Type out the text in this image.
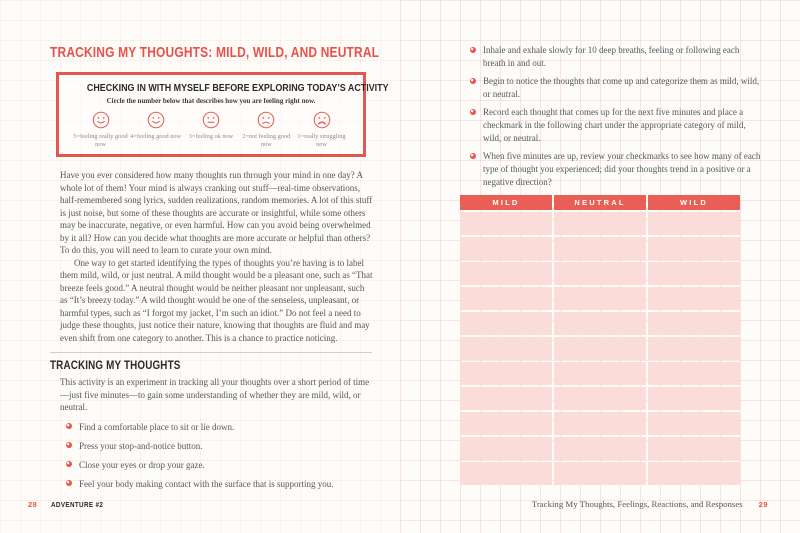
TRACKING MY THOUGHTS: MILD, WILD, AND NEUTRAL
CHECKING IN WITH MYSELF BEFORE EXPLORING TODAY’S ACTIVITY

Circle the number below that describes how you are feeling right now.

5=feeling really good now
4=feeling good now	3=feeling ok now	2=not feeling good now
1=really struggling now

Have you ever considered how many thoughts run through your mind in one day? A whole lot of them! Your mind is always cranking out stuff—real-time observations, half-remembered song lyrics, sudden realizations, random memories. A lot of this stuff is just noise, but some of these thoughts are accurate or insightful, while some others may be inaccurate, negative, or even harmful. How can you avoid being overwhelmed by it all? How can you decide what thoughts are more accurate or helpful than others? To do this, you will need to learn to curate your own mind.

One way to get started identifying the types of thoughts you’re having is to label them mild, wild, or just neutral. A mild thought would be a pleasant one, such as “That breeze feels good.” A neutral thought would be neither pleasant nor unpleasant, such as “It’s breezy today.” A wild thought would be one of the senseless, unpleasant, or harmful types, such as “I forgot my jacket, I’m such an idiot.” Do not feel a need to judge these thoughts, just notice their nature, knowing that thoughts are fluid and may even shift from one category to another. This is a chance to practice noticing.

TRACKING MY THOUGHTS

This activity is an experiment in tracking all your thoughts over a short period of time—just five minutes—to gain some understanding of whether they are mild, wild, or neutral.

Find a comfortable place to sit or lie down.
Press your stop-and-notice button.
Close your eyes or drop your gaze.
Feel your body making contact with the surface that is supporting you.
28 ADVENTURE #2
Inhale and exhale slowly for 10 deep breaths, feeling or following each breath in and out.
Begin to notice the thoughts that come up and categorize them as mild, wild, or neutral.
Record each thought that comes up for the next five minutes and place a checkmark in the following chart under the appropriate category of mild, wild, or neutral.
When five minutes are up, review your checkmarks to see how many of each type of thought you experienced; did your thoughts trend in a positive or a negative direction?
MILD	NEUTRAL	WILD
Tracking My Thoughts, Feelings, Reactions, and Responses 29
